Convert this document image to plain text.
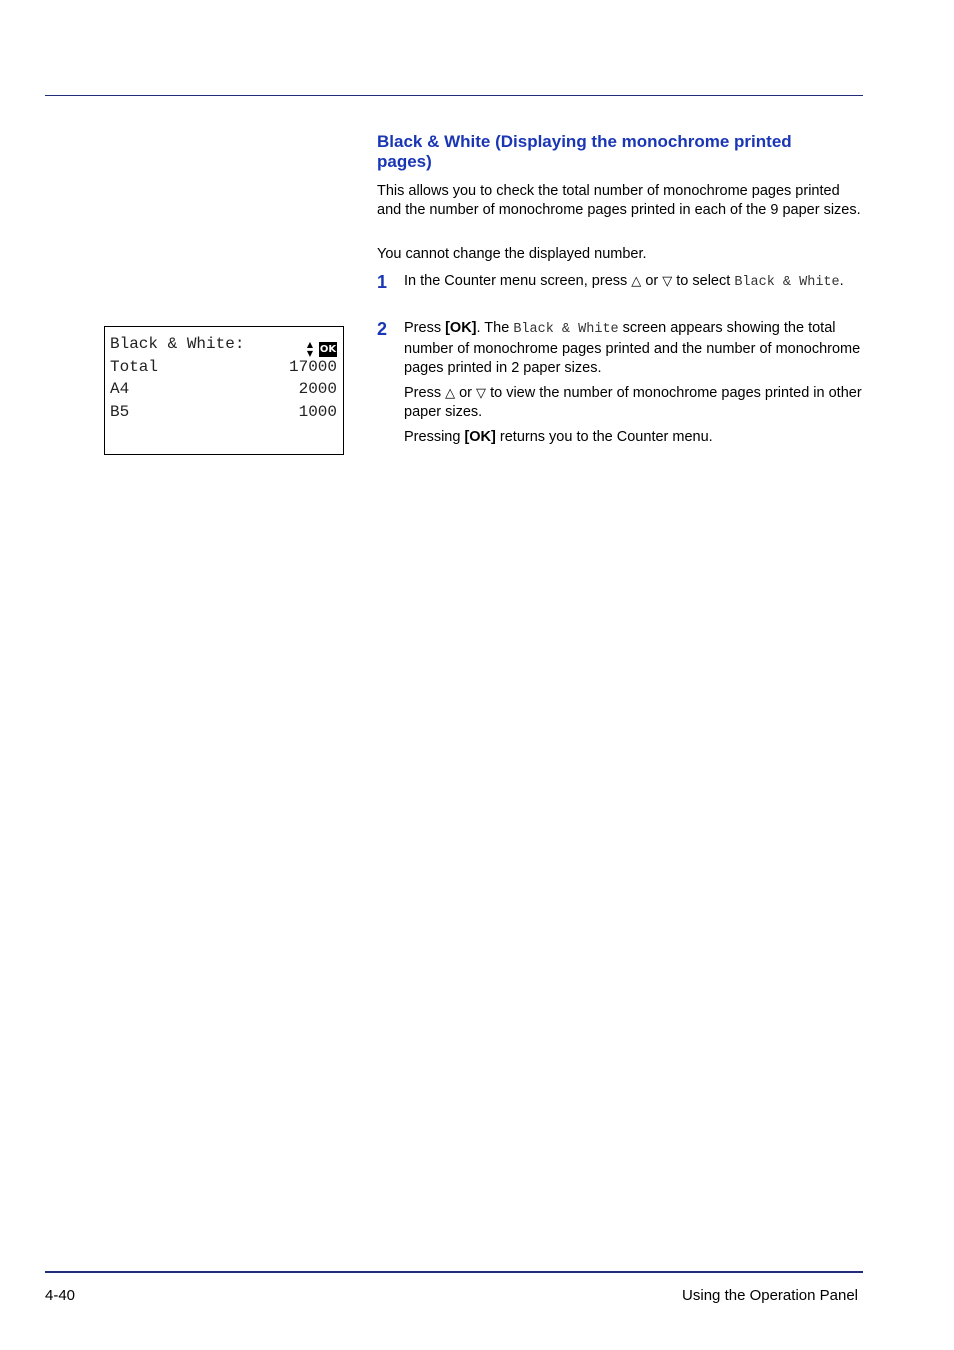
Black & White (Displaying the monochrome printed pages)
This allows you to check the total number of monochrome pages printed and the number of monochrome pages printed in each of the 9 paper sizes.
You cannot change the displayed number.
1 In the Counter menu screen, press △ or ▽ to select Black & White.

2 Press [OK]. The Black & White screen appears showing the total number of monochrome pages printed and the number of monochrome pages printed in 2 paper sizes.

Press △ or ▽ to view the number of monochrome pages printed in other paper sizes.

Pressing [OK] returns you to the Counter menu.

Black & White:	▲
▼ OK
Total	17000
A4	2000
B5	1000
4-40	Using the Operation Panel
